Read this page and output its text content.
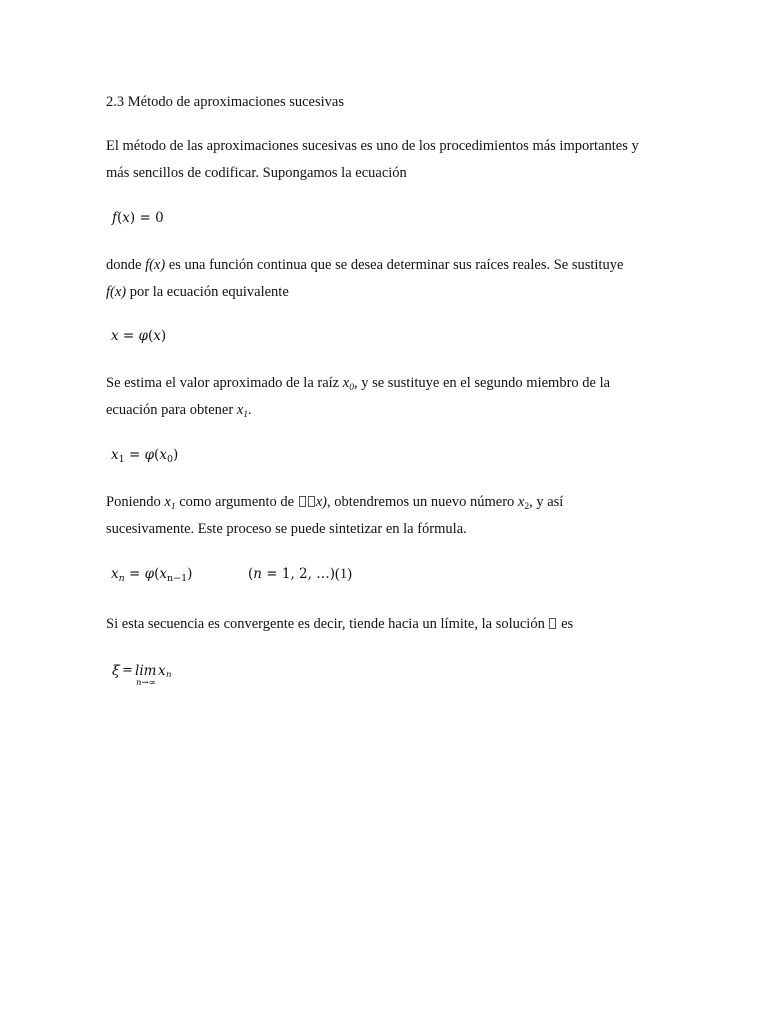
2.3 Método de aproximaciones sucesivas
El método de las aproximaciones sucesivas es uno de los procedimientos más importantes y
más sencillos de codificar. Supongamos la ecuación
f(x) = 0
donde f(x) es una función continua que se desea determinar sus raíces reales. Se sustituye
f(x) por la ecuación equivalente
x = φ(x)
Se estima el valor aproximado de la raíz $x_0$, y se sustituye en el segundo miembro de la
ecuación para obtener $x_1$.
$x_1 = \varphi(x_0)$
Poniendo $x_1$ como argumento de x), obtendremos un nuevo número $x_2$, y así
sucesivamente. Este proceso se puede sintetizar en la fórmula.
$x_n = \varphi(x_{n-1})$	(n = 1, 2, …)(1)
Si esta secuencia es convergente es decir, tiende hacia un límite, la solución  es
ξ = lim
n→∞
x n
